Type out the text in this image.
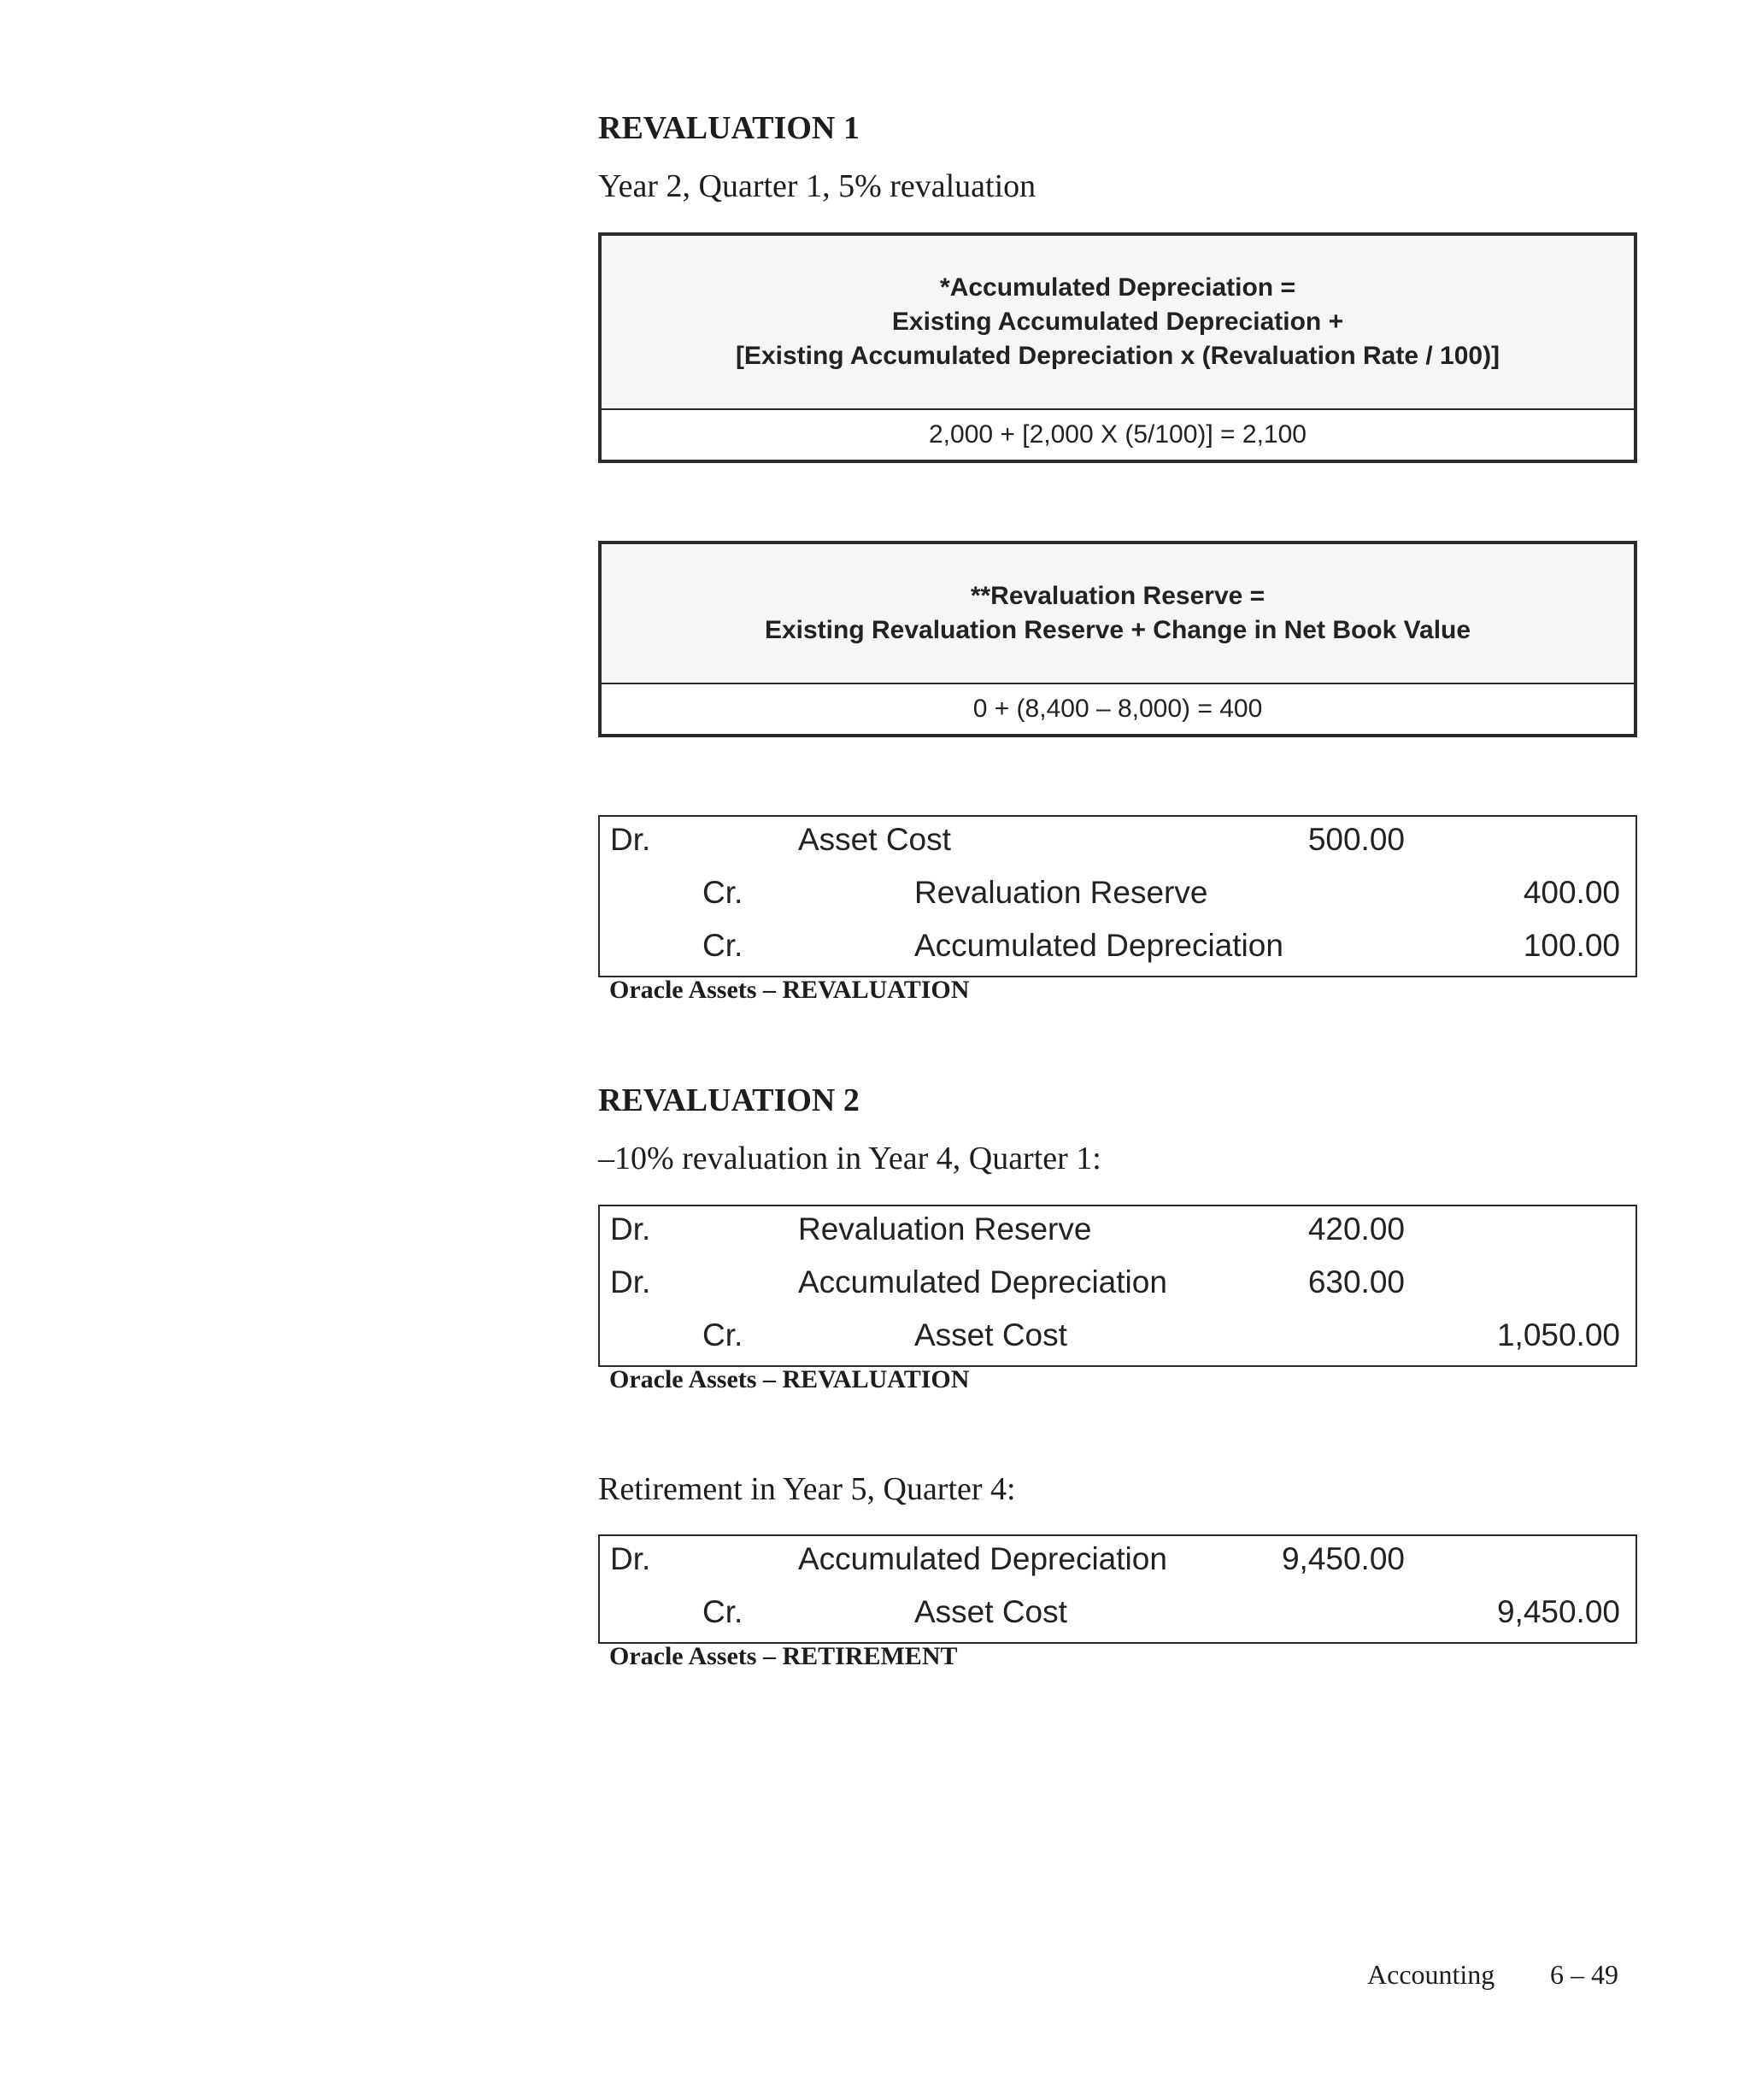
REVALUATION 1
Year 2, Quarter 1, 5% revaluation
*Accumulated Depreciation =
Existing Accumulated Depreciation +
[Existing Accumulated Depreciation x (Revaluation Rate / 100)]
2,000 + [2,000 X (5/100)] = 2,100
**Revaluation Reserve =
Existing Revaluation Reserve + Change in Net Book Value
0 + (8,400 – 8,000) = 400
Dr.	Asset Cost	500.00
Cr.	Revaluation Reserve	400.00
Cr.	Accumulated Depreciation	100.00
Oracle Assets – REVALUATION
REVALUATION 2
–10% revaluation in Year 4, Quarter 1:
Dr.	Revaluation Reserve	420.00
Dr.	Accumulated Depreciation	630.00
Cr.	Asset Cost	1,050.00
Oracle Assets – REVALUATION
Retirement in Year 5, Quarter 4:
Dr.	Accumulated Depreciation	9,450.00
Cr.	Asset Cost	9,450.00
Oracle Assets – RETIREMENT
Accounting 6 – 49
